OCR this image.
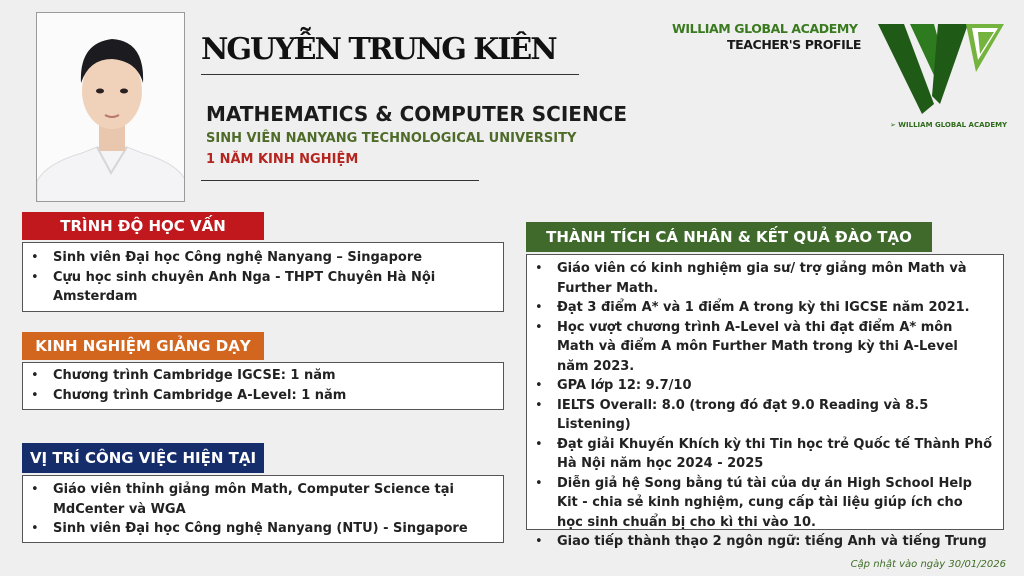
NGUYỄN TRUNG KIÊN
MATHEMATICS & COMPUTER SCIENCE
SINH VIÊN NANYANG TECHNOLOGICAL UNIVERSITY
1 NĂM KINH NGHIỆM
WILLIAM GLOBAL ACADEMY
TEACHER'S PROFILE
➢ WILLIAM GLOBAL ACADEMY
TRÌNH ĐỘ HỌC VẤN
• Sinh viên Đại học Công nghệ Nanyang – Singapore
• Cựu học sinh chuyên Anh Nga - THPT Chuyên Hà Nội Amsterdam
KINH NGHIỆM GIẢNG DẠY
• Chương trình Cambridge IGCSE: 1 năm
• Chương trình Cambridge A-Level: 1 năm
VỊ TRÍ CÔNG VIỆC HIỆN TẠI
• Giáo viên thỉnh giảng môn Math, Computer Science tại MdCenter và WGA
• Sinh viên Đại học Công nghệ Nanyang (NTU) - Singapore
THÀNH TÍCH CÁ NHÂN & KẾT QUẢ ĐÀO TẠO
• Giáo viên có kinh nghiệm gia sư/ trợ giảng môn Math và Further Math.
• Đạt 3 điểm A* và 1 điểm A trong kỳ thi IGCSE năm 2021.
• Học vượt chương trình A-Level và thi đạt điểm A* môn Math và điểm A môn Further Math trong kỳ thi A-Level năm 2023.
• GPA lớp 12: 9.7/10
• IELTS Overall: 8.0 (trong đó đạt 9.0 Reading và 8.5 Listening)
• Đạt giải Khuyến Khích kỳ thi Tin học trẻ Quốc tế Thành Phố Hà Nội năm học 2024 - 2025
• Diễn giả hệ Song bằng tú tài của dự án High School Help Kit - chia sẻ kinh nghiệm, cung cấp tài liệu giúp ích cho học sinh chuẩn bị cho kì thi vào 10.
• Giao tiếp thành thạo 2 ngôn ngữ: tiếng Anh và tiếng Trung
Cập nhật vào ngày 30/01/2026
